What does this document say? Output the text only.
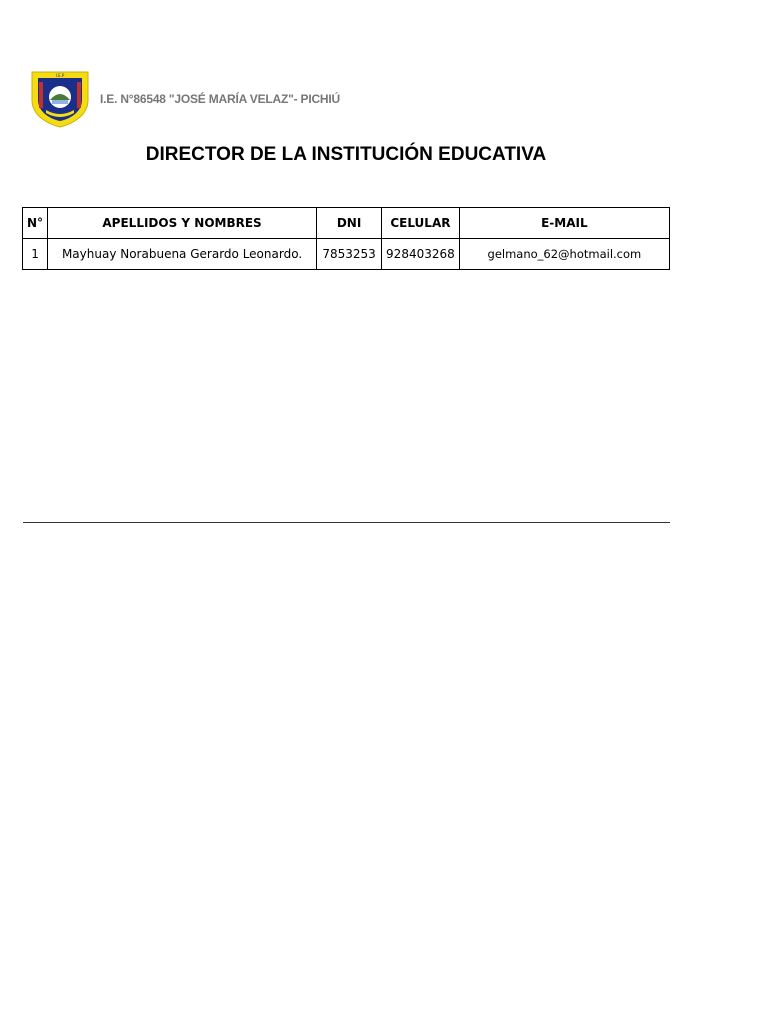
I.E.P
I.E. N°86548 "JOSÉ MARÍA VELAZ"- PICHIÚ
DIRECTOR DE LA INSTITUCIÓN EDUCATIVA
N°	APELLIDOS Y NOMBRES	DNI	CELULAR	E-MAIL
1	Mayhuay Norabuena Gerardo Leonardo.	7853253	928403268	gelmano_62@hotmail.com
